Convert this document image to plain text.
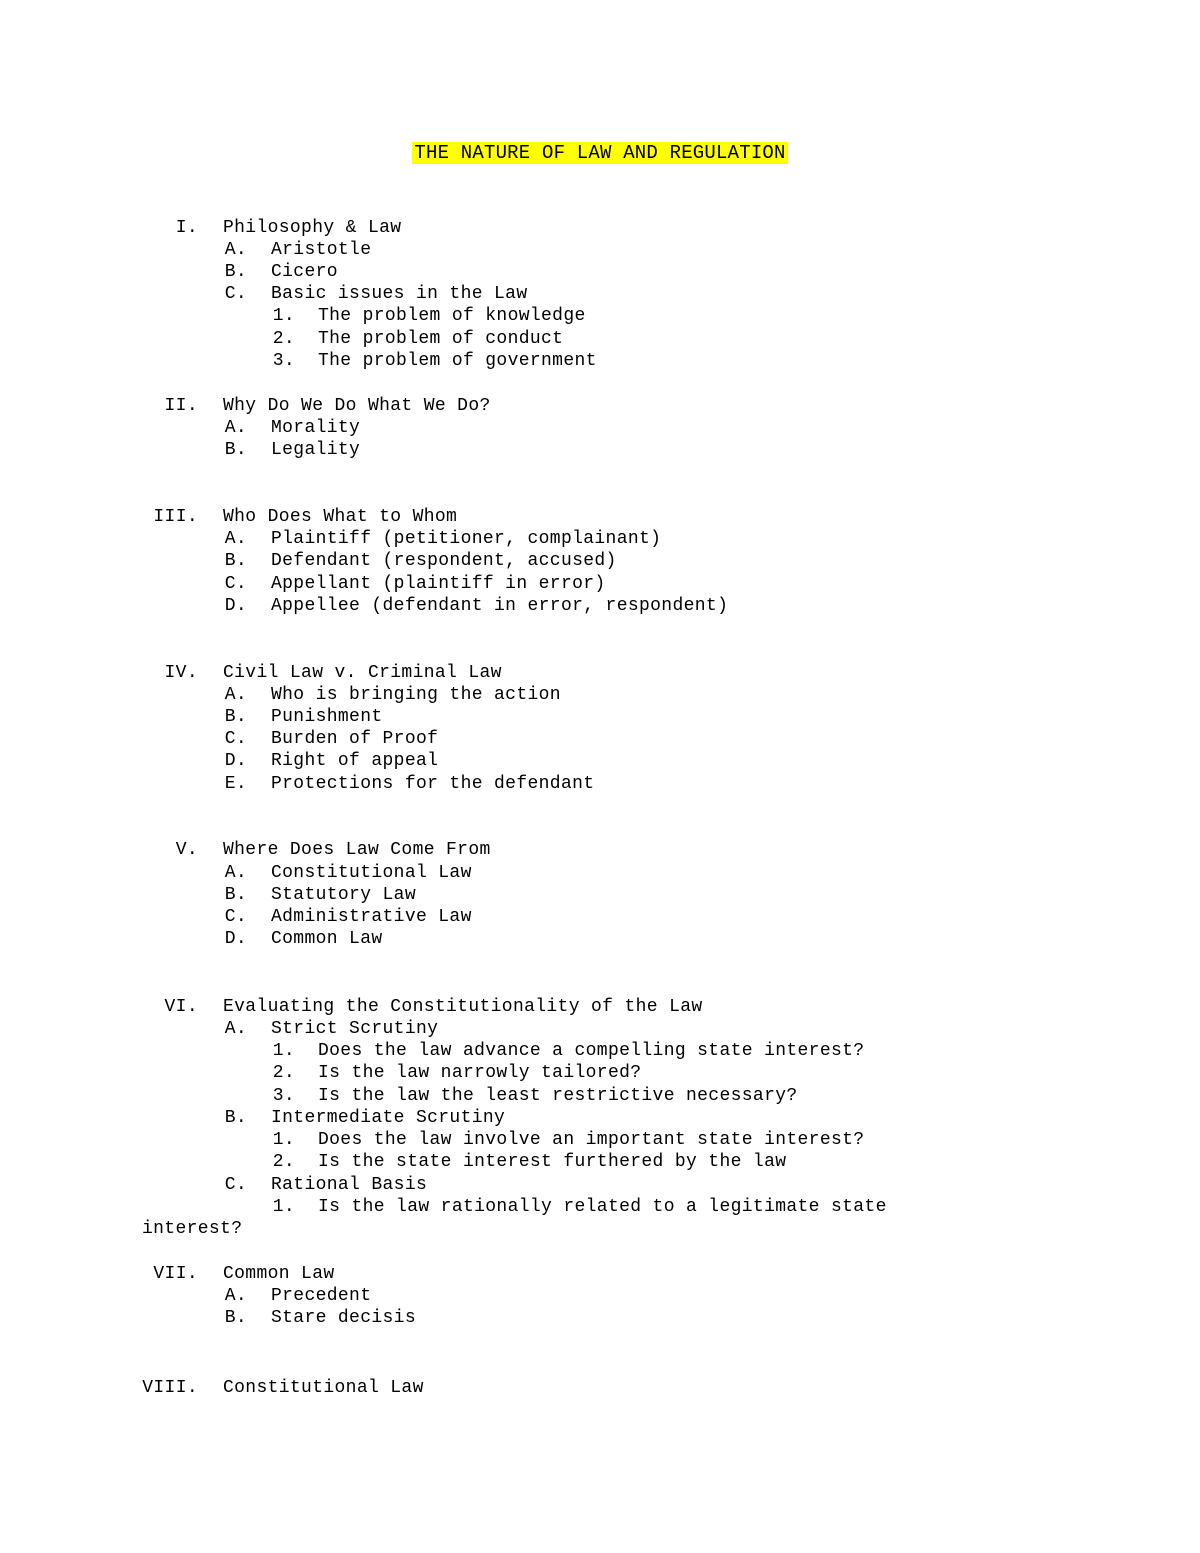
THE NATURE OF LAW AND REGULATION
I. Philosophy & Law
A. Aristotle
B. Cicero
C. Basic issues in the Law
1. The problem of knowledge
2. The problem of conduct
3. The problem of government
II. Why Do We Do What We Do?
A. Morality
B. Legality
III. Who Does What to Whom
A. Plaintiff (petitioner, complainant)
B. Defendant (respondent, accused)
C. Appellant (plaintiff in error)
D. Appellee (defendant in error, respondent)
IV. Civil Law v. Criminal Law
A. Who is bringing the action
B. Punishment
C. Burden of Proof
D. Right of appeal
E. Protections for the defendant
V. Where Does Law Come From
A. Constitutional Law
B. Statutory Law
C. Administrative Law
D. Common Law
VI. Evaluating the Constitutionality of the Law
A. Strict Scrutiny
1. Does the law advance a compelling state interest?
2. Is the law narrowly tailored?
3. Is the law the least restrictive necessary?
B. Intermediate Scrutiny
1. Does the law involve an important state interest?
2. Is the state interest furthered by the law
C. Rational Basis
1. Is the law rationally related to a legitimate state
interest?
VII. Common Law
A. Precedent
B. Stare decisis
VIII. Constitutional Law
